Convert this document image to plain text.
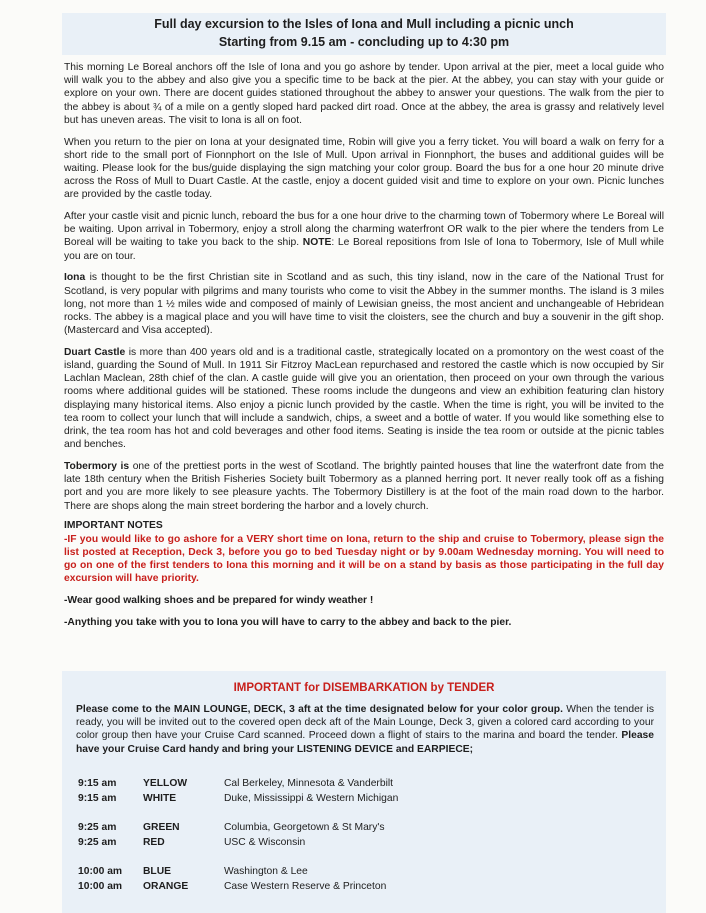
Full day excursion to the Isles of Iona and Mull including a picnic unch
Starting from 9.15 am - concluding up to 4:30 pm

This morning Le Boreal anchors off the Isle of Iona and you go ashore by tender. Upon arrival at the pier, meet a local guide who will walk you to the abbey and also give you a specific time to be back at the pier. At the abbey, you can stay with your guide or explore on your own. There are docent guides stationed throughout the abbey to answer your questions. The walk from the pier to the abbey is about ¾ of a mile on a gently sloped hard packed dirt road. Once at the abbey, the area is grassy and relatively level but has uneven areas. The visit to Iona is all on foot.

When you return to the pier on Iona at your designated time, Robin will give you a ferry ticket. You will board a walk on ferry for a short ride to the small port of Fionnphort on the Isle of Mull. Upon arrival in Fionnphort, the buses and additional guides will be waiting. Please look for the bus/guide displaying the sign matching your color group. Board the bus for a one hour 20 minute drive across the Ross of Mull to Duart Castle. At the castle, enjoy a docent guided visit and time to explore on your own. Picnic lunches are provided by the castle today.

After your castle visit and picnic lunch, reboard the bus for a one hour drive to the charming town of Tobermory where Le Boreal will be waiting. Upon arrival in Tobermory, enjoy a stroll along the charming waterfront OR walk to the pier where the tenders from Le Boreal will be waiting to take you back to the ship. NOTE: Le Boreal repositions from Isle of Iona to Tobermory, Isle of Mull while you are on tour.

Iona is thought to be the first Christian site in Scotland and as such, this tiny island, now in the care of the National Trust for Scotland, is very popular with pilgrims and many tourists who come to visit the Abbey in the summer months. The island is 3 miles long, not more than 1 ½ miles wide and composed of mainly of Lewisian gneiss, the most ancient and unchangeable of Hebridean rocks. The abbey is a magical place and you will have time to visit the cloisters, see the church and buy a souvenir in the gift shop. (Mastercard and Visa accepted).

Duart Castle is more than 400 years old and is a traditional castle, strategically located on a promontory on the west coast of the island, guarding the Sound of Mull. In 1911 Sir Fitzroy MacLean repurchased and restored the castle which is now occupied by Sir Lachlan Maclean, 28th chief of the clan. A castle guide will give you an orientation, then proceed on your own through the various rooms where additional guides will be stationed. These rooms include the dungeons and view an exhibition featuring clan history displaying many historical items. Also enjoy a picnic lunch provided by the castle. When the time is right, you will be invited to the tea room to collect your lunch that will include a sandwich, chips, a sweet and a bottle of water. If you would like something else to drink, the tea room has hot and cold beverages and other food items. Seating is inside the tea room or outside at the picnic tables and benches.

Tobermory is one of the prettiest ports in the west of Scotland. The brightly painted houses that line the waterfront date from the late 18th century when the British Fisheries Society built Tobermory as a planned herring port. It never really took off as a fishing port and you are more likely to see pleasure yachts. The Tobermory Distillery is at the foot of the main road down to the harbor. There are shops along the main street bordering the harbor and a lovely church.

IMPORTANT NOTES

-IF you would like to go ashore for a VERY short time on Iona, return to the ship and cruise to Tobermory, please sign the list posted at Reception, Deck 3, before you go to bed Tuesday night or by 9.00am Wednesday morning. You will need to go on one of the first tenders to Iona this morning and it will be on a stand by basis as those participating in the full day excursion will have priority.

-Wear good walking shoes and be prepared for windy weather !

-Anything you take with you to Iona you will have to carry to the abbey and back to the pier.

IMPORTANT for DISEMBARKATION by TENDER
Please come to the MAIN LOUNGE, DECK, 3 aft at the time designated below for your color group. When the tender is ready, you will be invited out to the covered open deck aft of the Main Lounge, Deck 3, given a colored card according to your color group then have your Cruise Card scanned. Proceed down a flight of stairs to the marina and board the tender. Please have your Cruise Card handy and bring your LISTENING DEVICE and EARPIECE;
9:15 am	YELLOW	Cal Berkeley, Minnesota & Vanderbilt
9:15 am	WHITE	Duke, Mississippi & Western Michigan
9:25 am	GREEN	Columbia, Georgetown & St Mary's
9:25 am	RED	USC & Wisconsin
10:00 am BLUE	Washington & Lee
10:00 am ORANGE	Case Western Reserve & Princeton
